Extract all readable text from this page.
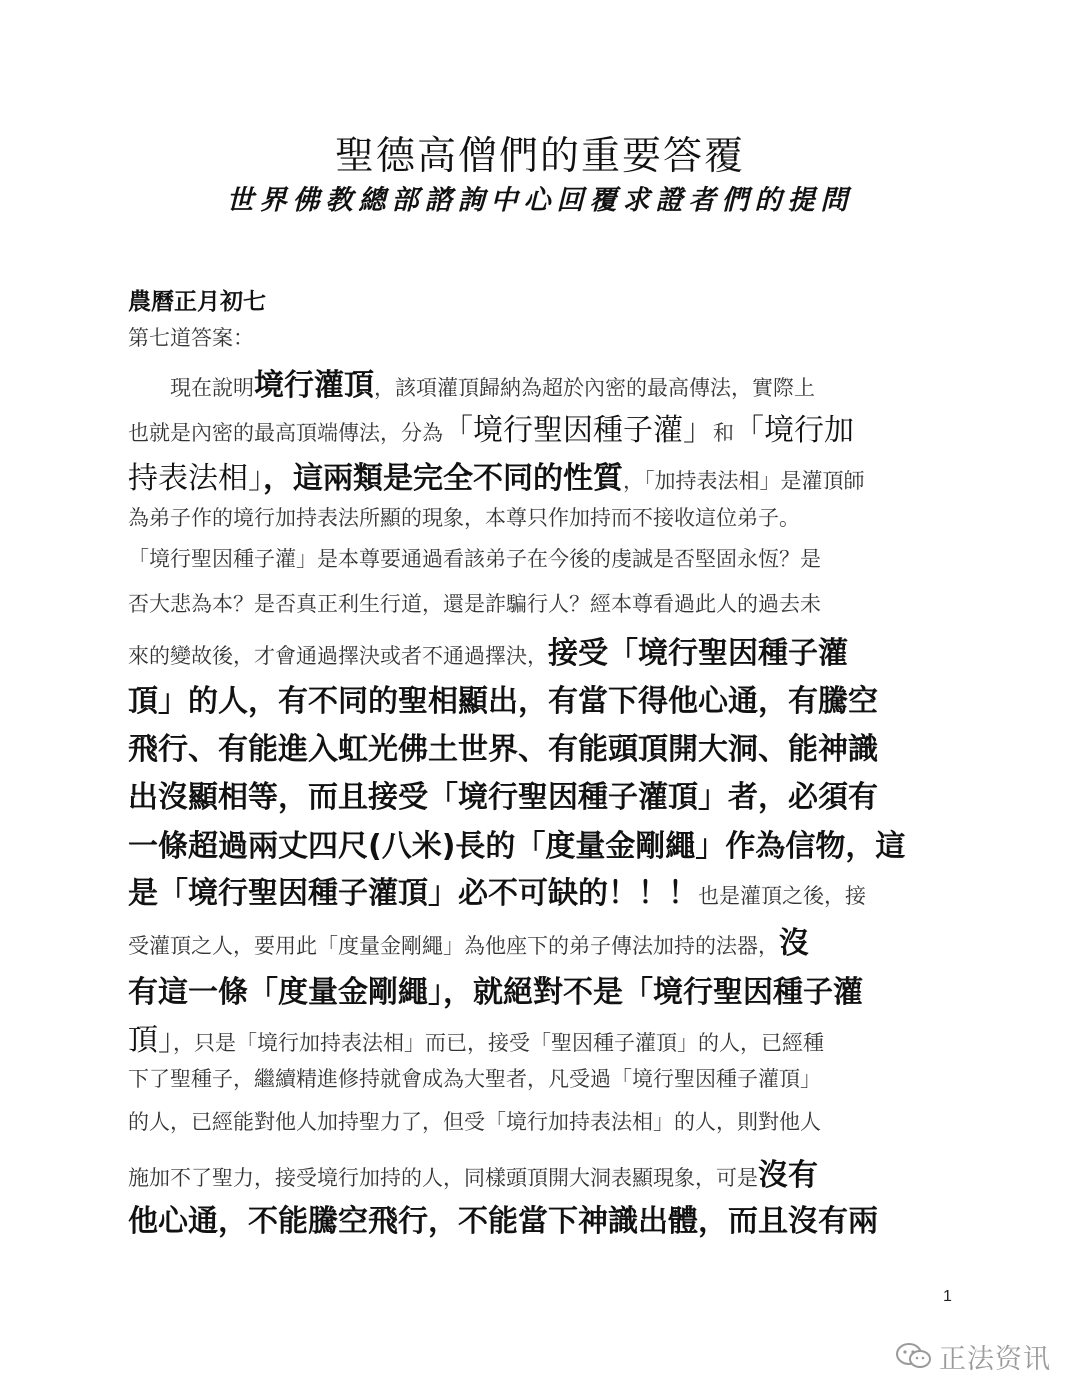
聖德高僧們的重要答覆
世界佛教總部諮詢中心回覆求證者們的提問
農曆正月初七
第七道答案：
　　現在說明境行灌頂，該項灌頂歸納為超於內密的最高傳法，實際上
也就是內密的最高頂端傳法，分為「境行聖因種子灌」和「境行加
持表法相」，這兩類是完全不同的性質，「加持表法相」是灌頂師
為弟子作的境行加持表法所顯的現象，本尊只作加持而不接收這位弟子。
「境行聖因種子灌」是本尊要通過看該弟子在今後的虔誠是否堅固永恆？是
否大悲為本？是否真正利生行道，還是詐騙行人？經本尊看過此人的過去未
來的變故後，才會通過擇決或者不通過擇決，接受「境行聖因種子灌
頂」的人，有不同的聖相顯出，有當下得他心通，有騰空
飛行、有能進入虹光佛土世界、有能頭頂開大洞、能神識
出沒顯相等，而且接受「境行聖因種子灌頂」者，必須有
一條超過兩丈四尺(八米)長的「度量金剛繩」作為信物，這
是「境行聖因種子灌頂」必不可缺的！！！也是灌頂之後，接
受灌頂之人，要用此「度量金剛繩」為他座下的弟子傳法加持的法器，沒
有這一條「度量金剛繩」，就絕對不是「境行聖因種子灌
頂」，只是「境行加持表法相」而已，接受「聖因種子灌頂」的人，已經種
下了聖種子，繼續精進修持就會成為大聖者，凡受過「境行聖因種子灌頂」
的人，已經能對他人加持聖力了，但受「境行加持表法相」的人，則對他人
施加不了聖力，接受境行加持的人，同樣頭頂開大洞表顯現象，可是沒有
他心通，不能騰空飛行，不能當下神識出體，而且沒有兩
1
正法资讯
